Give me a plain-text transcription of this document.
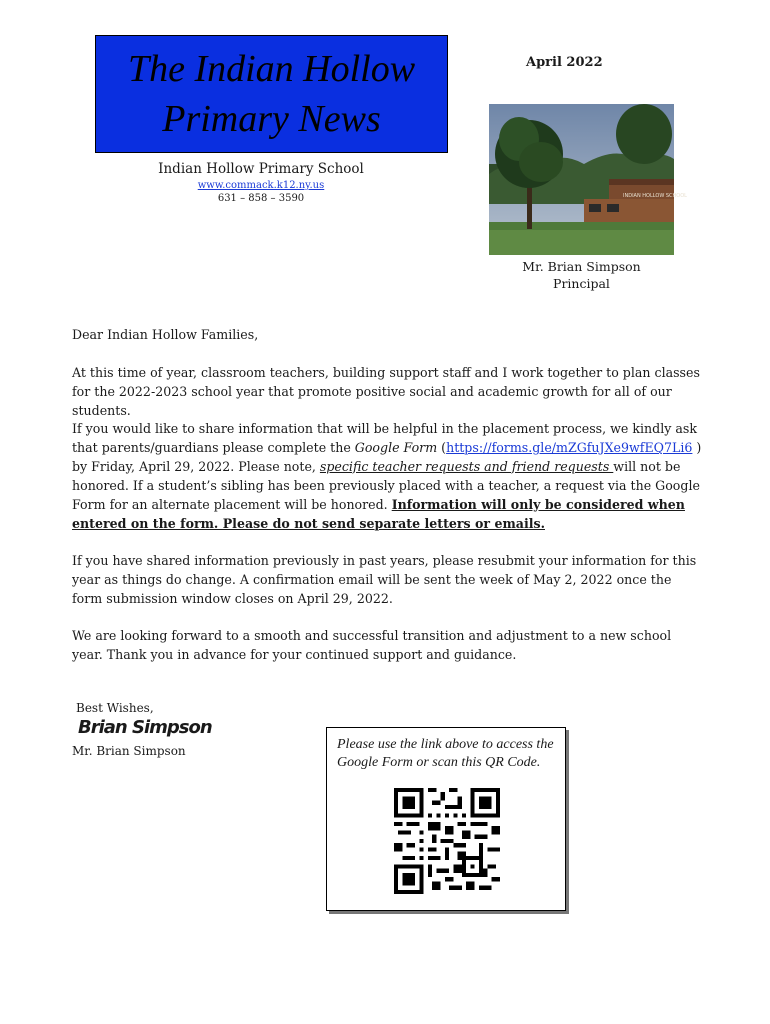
The Indian Hollow
Primary News
April 2022
Indian Hollow Primary School
www.commack.k12.ny.us
631 – 858 – 3590	INDIAN HOLLOW SCHOOL
Mr. Brian Simpson
Principal

Dear Indian Hollow Families,

At this time of year, classroom teachers, building support staff and I work together to plan classes for the 2022-2023 school year that promote positive social and academic growth for all of our students.

If you would like to share information that will be helpful in the placement process, we kindly ask that parents/guardians please complete the Google Form (https://forms.gle/mZGfuJXe9wfEQ7Li6 )
by Friday, April 29, 2022. Please note, specific teacher requests and friend requests will not be honored. If a student’s sibling has been previously placed with a teacher, a request via the Google Form for an alternate placement will be honored. Information will only be considered when entered on the form. Please do not send separate letters or emails.

If you have shared information previously in past years, please resubmit your information for this year as things do change. A confirmation email will be sent the week of May 2, 2022 once the form submission window closes on April 29, 2022.

We are looking forward to a smooth and successful transition and adjustment to a new school year. Thank you in advance for your continued support and guidance.

Best Wishes,
Brian Simpson
Mr. Brian Simpson	Please use the link above to access the Google Form or scan this QR Code.
